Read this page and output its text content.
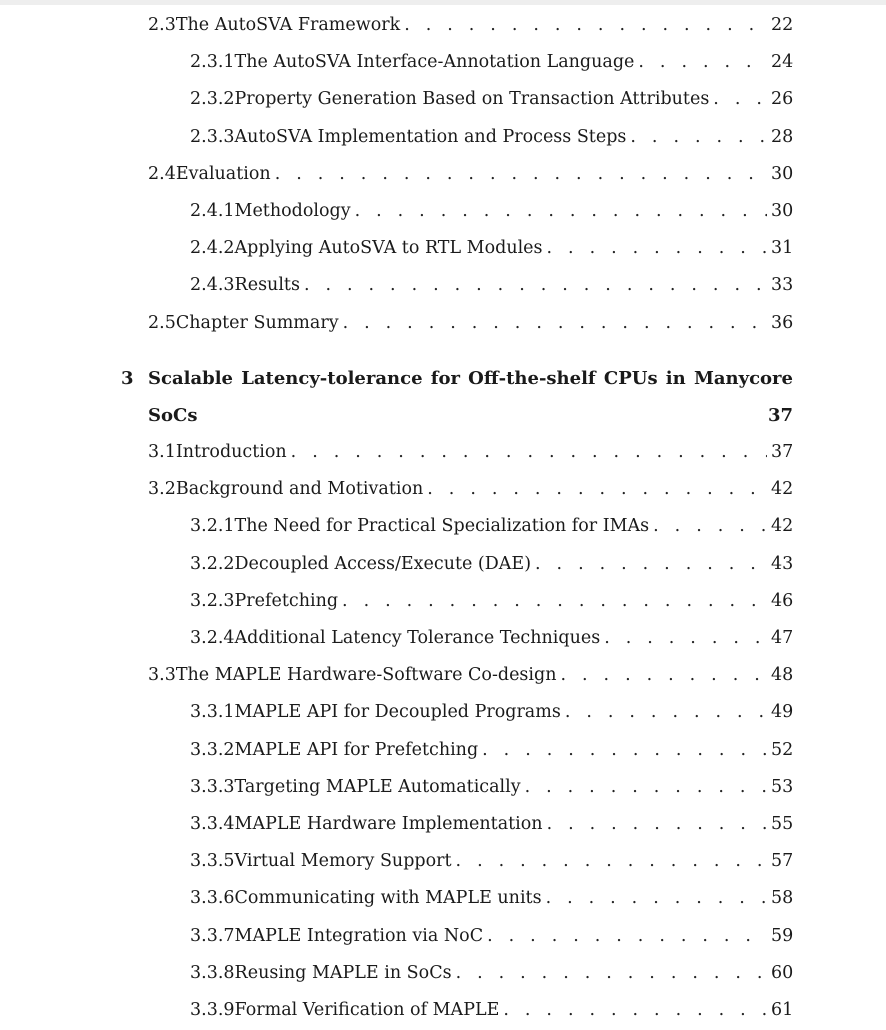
2.3 The AutoSVA Framework . . .	22
2.3.1 The AutoSVA Interface-Annotation Language . . .	24
2.3.2 Property Generation Based on Transaction Attributes . . .	26
2.3.3 AutoSVA Implementation and Process Steps . . .	28
2.4 Evaluation . . .	30
2.4.1 Methodology . . .	30
2.4.2 Applying AutoSVA to RTL Modules . . .	31
2.4.3 Results . . .	33
2.5 Chapter Summary . . .	36
3 Scalable Latency-tolerance for Off-the-shelf CPUs in Manycore
SoCs	37
3.1 Introduction . . .	37
3.2 Background and Motivation . . .	42
3.2.1 The Need for Practical Specialization for IMAs . . .	42
3.2.2 Decoupled Access/Execute (DAE) . . .	43
3.2.3 Prefetching . . .	46
3.2.4 Additional Latency Tolerance Techniques . . .	47
3.3 The MAPLE Hardware-Software Co-design . . .	48
3.3.1 MAPLE API for Decoupled Programs . . .	49
3.3.2 MAPLE API for Prefetching . . .	52
3.3.3 Targeting MAPLE Automatically . . .	53
3.3.4 MAPLE Hardware Implementation . . .	55
3.3.5 Virtual Memory Support . . .	57
3.3.6 Communicating with MAPLE units . . .	58
3.3.7 MAPLE Integration via NoC . . .	59
3.3.8 Reusing MAPLE in SoCs . . .	60
3.3.9 Formal Verification of MAPLE . . .	61
